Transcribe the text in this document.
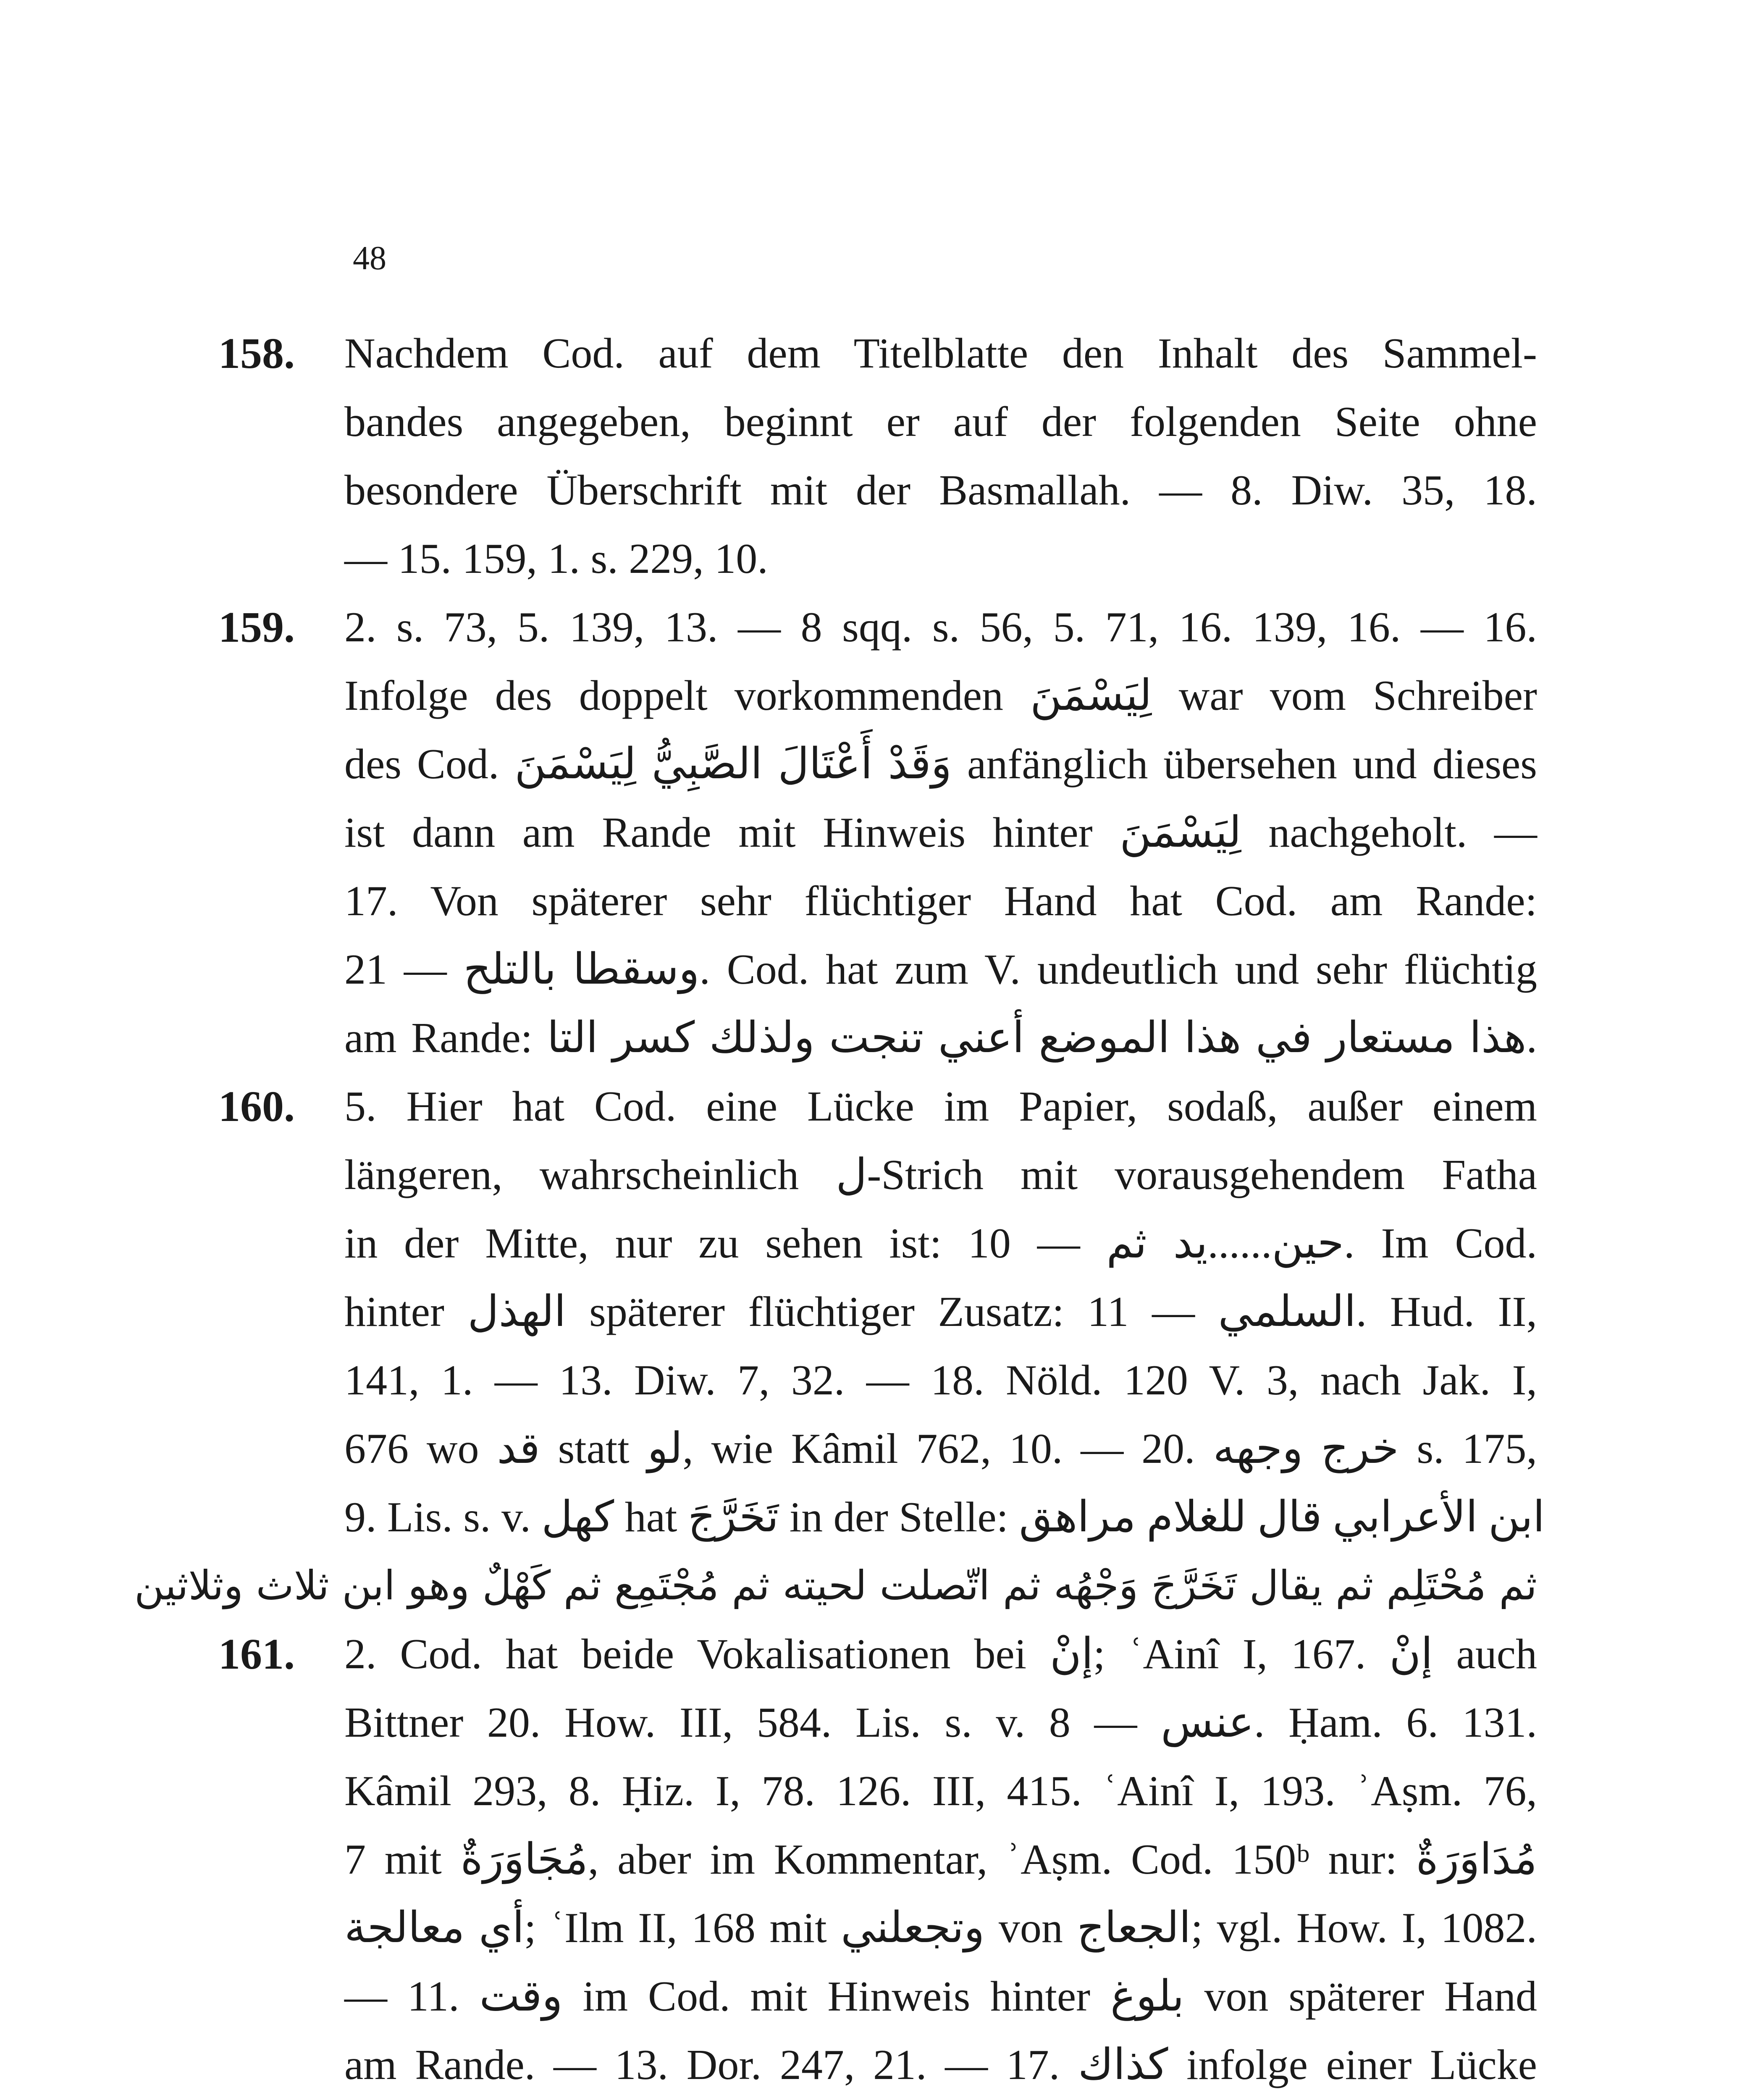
48
158. Nachdem Cod. auf dem Titelblatte den Inhalt des Sammel-
bandes angegeben, beginnt er auf der folgenden Seite ohne
besondere Überschrift mit der Basmallah. — 8. Diw. 35, 18.
— 15. 159, 1. s. 229, 10.
159. 2. s. 73, 5. 139, 13. — 8 sqq. s. 56, 5. 71, 16. 139, 16. — 16.
Infolge des doppelt vorkommenden لِيَسْمَنَ war vom Schreiber
des Cod. وَقَدْ أَعْتَالَ الصَّبِيُّ لِيَسْمَنَ anfänglich übersehen und dieses
ist dann am Rande mit Hinweis hinter لِيَسْمَنَ nachgeholt. —
17. Von späterer sehr flüchtiger Hand hat Cod. am Rande:
وسقطا بالتلح — 21. Cod. hat zum V. undeutlich und sehr flüchtig
am Rande: هذا مستعار في هذا الموضع أعني تنجت ولذلك كسر التا.
160. 5. Hier hat Cod. eine Lücke im Papier, sodaß, außer einem
längeren, wahrscheinlich ل-Strich mit vorausgehendem Fatha
in der Mitte, nur zu sehen ist: حين......يد ثم — 10. Im Cod.
hinter الهذل späterer flüchtiger Zusatz: السلمي — 11. Hud. II,
141, 1. — 13. Diw. 7, 32. — 18. Nöld. 120 V. 3, nach Jak. I,
676 wo قد statt لو, wie Kâmil 762, 10. — 20. خرج وجهه s. 175,
9. Lis. s. v. كهل hat تَخَرَّجَ in der Stelle: ابن الأعرابي قال للغلام مراهق
ثم مُحْتَلِم ثم يقال تَخَرَّجَ وَجْهُه ثم اتّصلت لحيته ثم مُجْتَمِع ثم كَهْلٌ وهو ابن ثلاث وثلاثين
161. 2. Cod. hat beide Vokalisationen bei إنْ; ʿAinî I, 167. إنْ auch
Bittner 20. How. III, 584. Lis. s. v. عنس — 8. Ḥam. 6. 131.
Kâmil 293, 8. Ḥiz. I, 78. 126. III, 415. ʿAinî I, 193. ʾAṣm. 76,
7 mit مُجَاوَرَةٌ, aber im Kommentar, ʾAṣm. Cod. 150ᵇ nur: مُدَاوَرَةٌ
أي معالجة; ʿIlm II, 168 mit وتجعلني von الجعاج; vgl. How. I, 1082.
— 11. وقت im Cod. mit Hinweis hinter بلوغ von späterer Hand
am Rande. — 13. Dor. 247, 21. — 17. كذاك infolge einer Lücke
